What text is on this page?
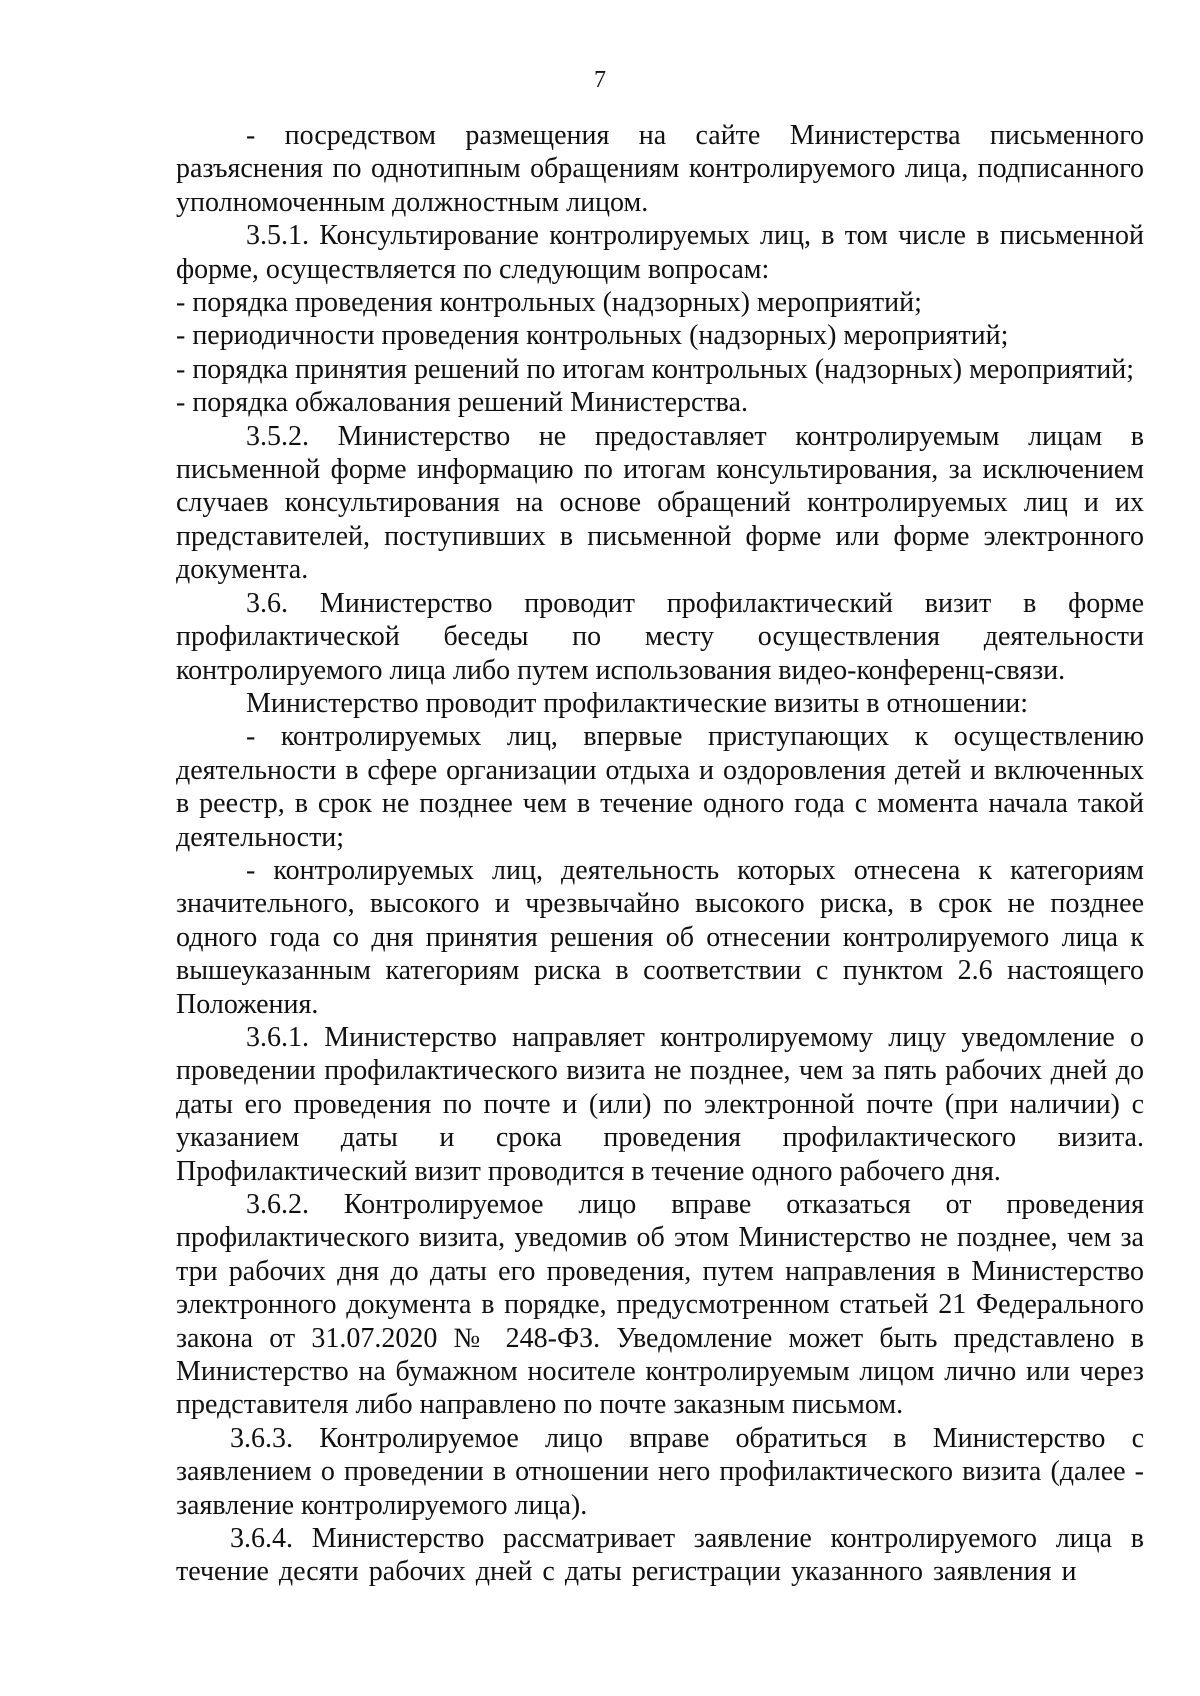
7

- посредством размещения на сайте Министерства письменного разъяснения по однотипным обращениям контролируемого лица, подписанного уполномоченным должностным лицом.

3.5.1. Консультирование контролируемых лиц, в том числе в письменной форме, осуществляется по следующим вопросам:

- порядка проведения контрольных (надзорных) мероприятий;

- периодичности проведения контрольных (надзорных) мероприятий;

- порядка принятия решений по итогам контрольных (надзорных) мероприятий;

- порядка обжалования решений Министерства.

3.5.2. Министерство не предоставляет контролируемым лицам в письменной форме информацию по итогам консультирования, за исключением случаев консультирования на основе обращений контролируемых лиц и их представителей, поступивших в письменной форме или форме электронного документа.

3.6. Министерство проводит профилактический визит в форме профилактической беседы по месту осуществления деятельности контролируемого лица либо путем использования видео-конференц-связи.

Министерство проводит профилактические визиты в отношении:

- контролируемых лиц, впервые приступающих к осуществлению деятельности в сфере организации отдыха и оздоровления детей и включенных в реестр, в срок не позднее чем в течение одного года с момента начала такой деятельности;

- контролируемых лиц, деятельность которых отнесена к категориям значительного, высокого и чрезвычайно высокого риска, в срок не позднее одного года со дня принятия решения об отнесении контролируемого лица к вышеуказанным категориям риска в соответствии с пунктом 2.6 настоящего Положения.

3.6.1. Министерство направляет контролируемому лицу уведомление о проведении профилактического визита не позднее, чем за пять рабочих дней до даты его проведения по почте и (или) по электронной почте (при наличии) с указанием даты и срока проведения профилактического визита. Профилактический визит проводится в течение одного рабочего дня.

3.6.2. Контролируемое лицо вправе отказаться от проведения профилактического визита, уведомив об этом Министерство не позднее, чем за три рабочих дня до даты его проведения, путем направления в Министерство электронного документа в порядке, предусмотренном статьей 21 Федерального закона от 31.07.2020 № 248-ФЗ. Уведомление может быть представлено в Министерство на бумажном носителе контролируемым лицом лично или через представителя либо направлено по почте заказным письмом.

3.6.3. Контролируемое лицо вправе обратиться в Министерство с заявлением о проведении в отношении него профилактического визита (далее - заявление контролируемого лица).

3.6.4. Министерство рассматривает заявление контролируемого лица в течение десяти рабочих дней с даты регистрации указанного заявления и
